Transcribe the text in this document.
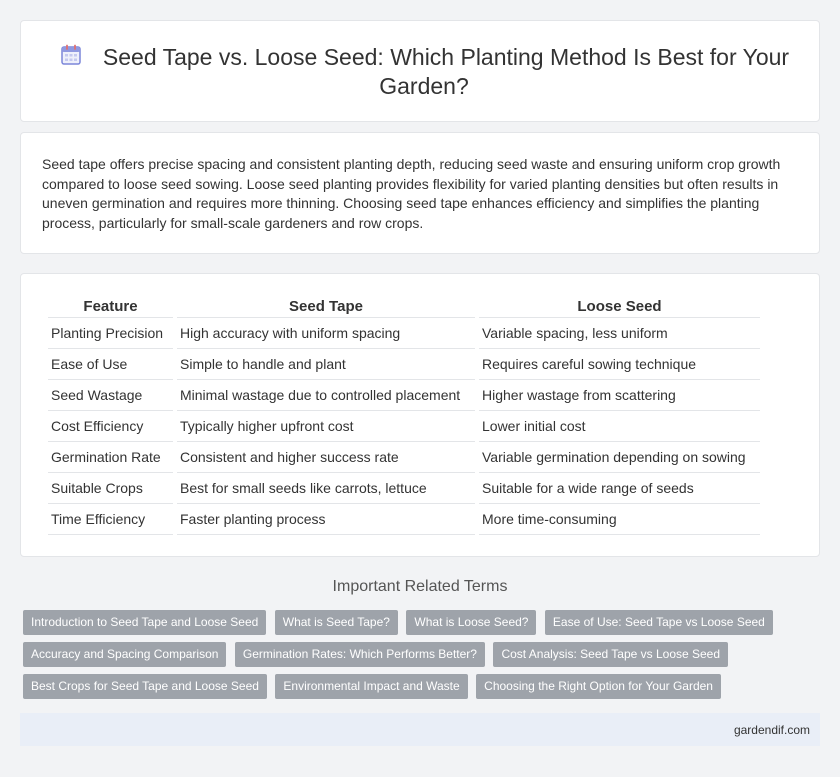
Seed Tape vs. Loose Seed: Which Planting Method Is Best for Your Garden?

Seed tape offers precise spacing and consistent planting depth, reducing seed waste and ensuring uniform crop growth compared to loose seed sowing. Loose seed planting provides flexibility for varied planting densities but often results in uneven germination and requires more thinning. Choosing seed tape enhances efficiency and simplifies the planting process, particularly for small-scale gardeners and row crops.

Feature	Seed Tape	Loose Seed
Planting Precision	High accuracy with uniform spacing	Variable spacing, less uniform
Ease of Use	Simple to handle and plant	Requires careful sowing technique
Seed Wastage	Minimal wastage due to controlled placement	Higher wastage from scattering
Cost Efficiency	Typically higher upfront cost	Lower initial cost
Germination Rate	Consistent and higher success rate	Variable germination depending on sowing
Suitable Crops	Best for small seeds like carrots, lettuce	Suitable for a wide range of seeds
Time Efficiency	Faster planting process	More time-consuming
Important Related Terms
Introduction to Seed Tape and Loose Seed What is Seed Tape? What is Loose Seed? Ease of Use: Seed Tape vs Loose Seed
Accuracy and Spacing Comparison Germination Rates: Which Performs Better? Cost Analysis: Seed Tape vs Loose Seed
Best Crops for Seed Tape and Loose Seed Environmental Impact and Waste Choosing the Right Option for Your Garden
gardendif.com
